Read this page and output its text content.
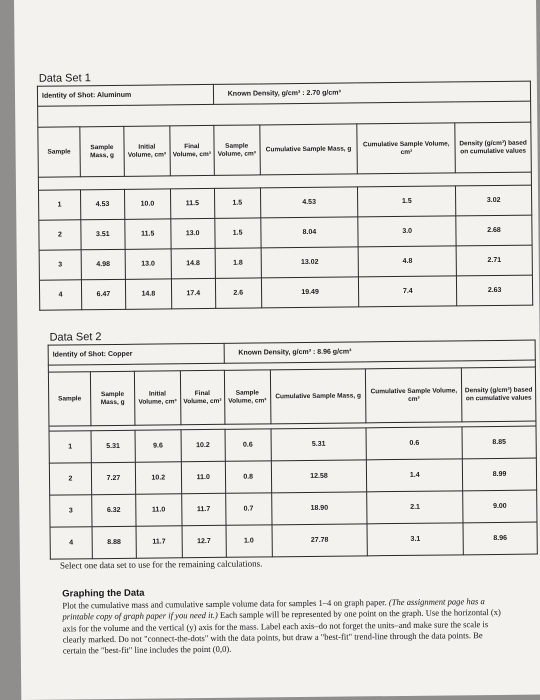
Data Set 1
Identity of Shot: Aluminum				Known Density, g/cm³ : 2.70 g/cm³			

Sample	Sample Mass, g	Initial Volume, cm³	Final Volume, cm³	Sample Volume, cm³	Cumulative Sample Mass, g	Cumulative Sample Volume, cm³	Density (g/cm³) based on cumulative values

1	4.53	10.0	11.5	1.5	4.53	1.5	3.02
2	3.51	11.5	13.0	1.5	8.04	3.0	2.68
3	4.98	13.0	14.8	1.8	13.02	4.8	2.71
4	6.47	14.8	17.4	2.6	19.49	7.4	2.63
Data Set 2
Identity of Shot: Copper				Known Density, g/cm³ : 8.96 g/cm³			

Sample	Sample Mass, g	Initial Volume, cm³	Final Volume, cm³	Sample Volume, cm³	Cumulative Sample Mass, g	Cumulative Sample Volume, cm³	Density (g/cm³) based on cumulative values

1	5.31	9.6	10.2	0.6	5.31	0.6	8.85
2	7.27	10.2	11.0	0.8	12.58	1.4	8.99
3	6.32	11.0	11.7	0.7	18.90	2.1	9.00
4	8.88	11.7	12.7	1.0	27.78	3.1	8.96
Select one data set to use for the remaining calculations.
Graphing the Data
Plot the cumulative mass and cumulative sample volume data for samples 1–4 on graph paper. (The assignment page has a printable copy of graph paper if you need it.) Each sample will be represented by one point on the graph. Use the horizontal (x) axis for the volume and the vertical (y) axis for the mass. Label each axis–do not forget the units–and make sure the scale is clearly marked. Do not "connect-the-dots" with the data points, but draw a "best-fit" trend-line through the data points. Be certain the "best-fit" line includes the point (0,0).
